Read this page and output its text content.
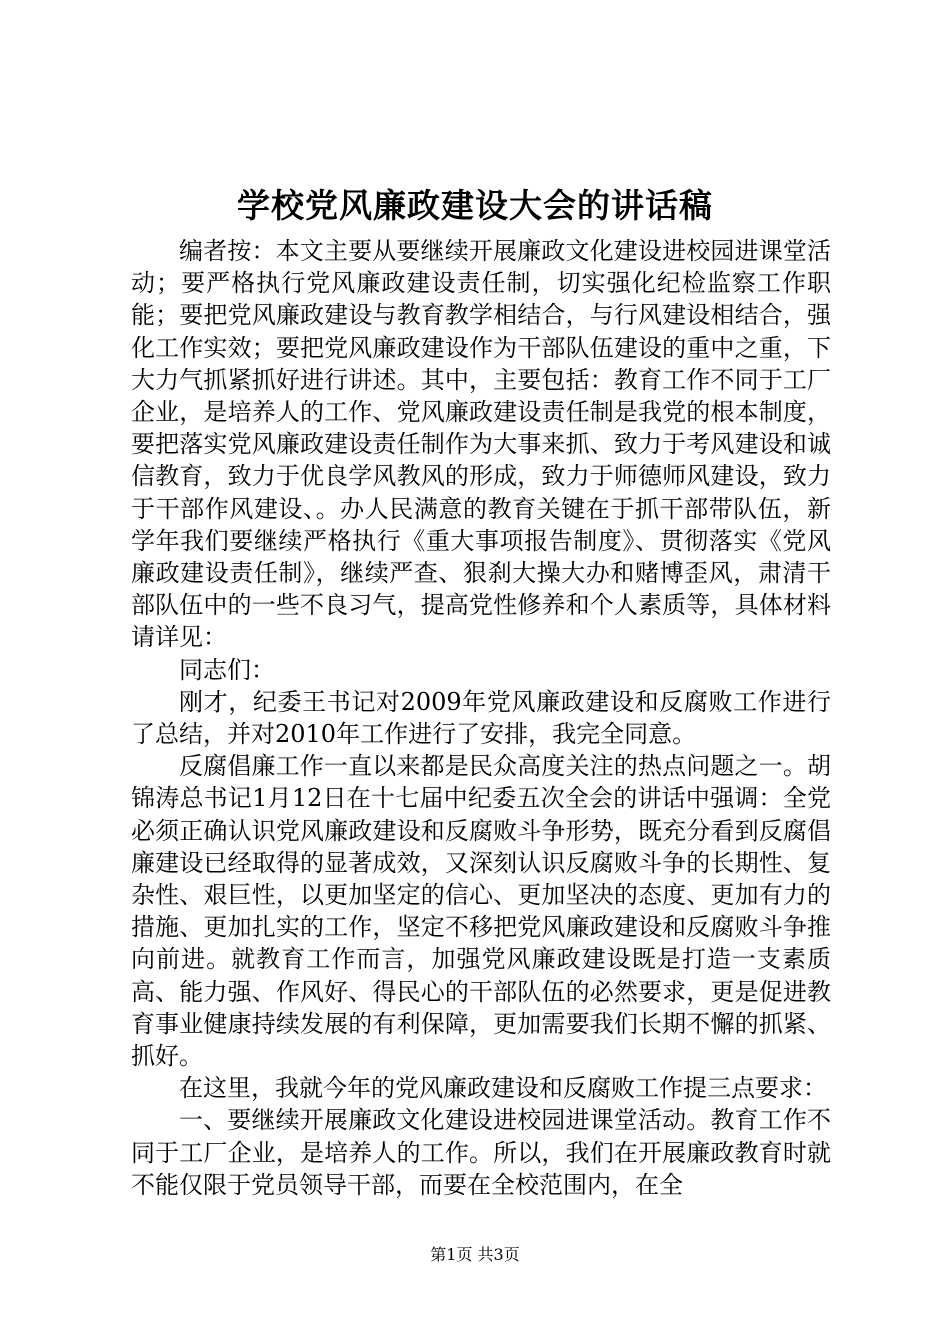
学校党风廉政建设大会的讲话稿

编者按：本文主要从要继续开展廉政文化建设进校园进课堂活动；要严格执行党风廉政建设责任制，切实强化纪检监察工作职能；要把党风廉政建设与教育教学相结合，与行风建设相结合，强化工作实效；要把党风廉政建设作为干部队伍建设的重中之重，下大力气抓紧抓好进行讲述。其中，主要包括：教育工作不同于工厂企业，是培养人的工作、党风廉政建设责任制是我党的根本制度，要把落实党风廉政建设责任制作为大事来抓、致力于考风建设和诚信教育，致力于优良学风教风的形成，致力于师德师风建设，致力于干部作风建设、。办人民满意的教育关键在于抓干部带队伍，新学年我们要继续严格执行《重大事项报告制度》、贯彻落实《党风廉政建设责任制》，继续严查、狠刹大操大办和赌博歪风，肃清干部队伍中的一些不良习气，提高党性修养和个人素质等，具体材料请详见：

同志们：

刚才，纪委王书记对2009年党风廉政建设和反腐败工作进行了总结，并对2010年工作进行了安排，我完全同意。

反腐倡廉工作一直以来都是民众高度关注的热点问题之一。胡锦涛总书记1月12日在十七届中纪委五次全会的讲话中强调：全党必须正确认识党风廉政建设和反腐败斗争形势，既充分看到反腐倡廉建设已经取得的显著成效，又深刻认识反腐败斗争的长期性、复杂性、艰巨性，以更加坚定的信心、更加坚决的态度、更加有力的措施、更加扎实的工作，坚定不移把党风廉政建设和反腐败斗争推向前进。就教育工作而言，加强党风廉政建设既是打造一支素质高、能力强、作风好、得民心的干部队伍的必然要求，更是促进教育事业健康持续发展的有利保障，更加需要我们长期不懈的抓紧、抓好。

在这里，我就今年的党风廉政建设和反腐败工作提三点要求：

一、要继续开展廉政文化建设进校园进课堂活动。教育工作不同于工厂企业，是培养人的工作。所以，我们在开展廉政教育时就不能仅限于党员领导干部，而要在全校范围内，在全

第1页 共3页
